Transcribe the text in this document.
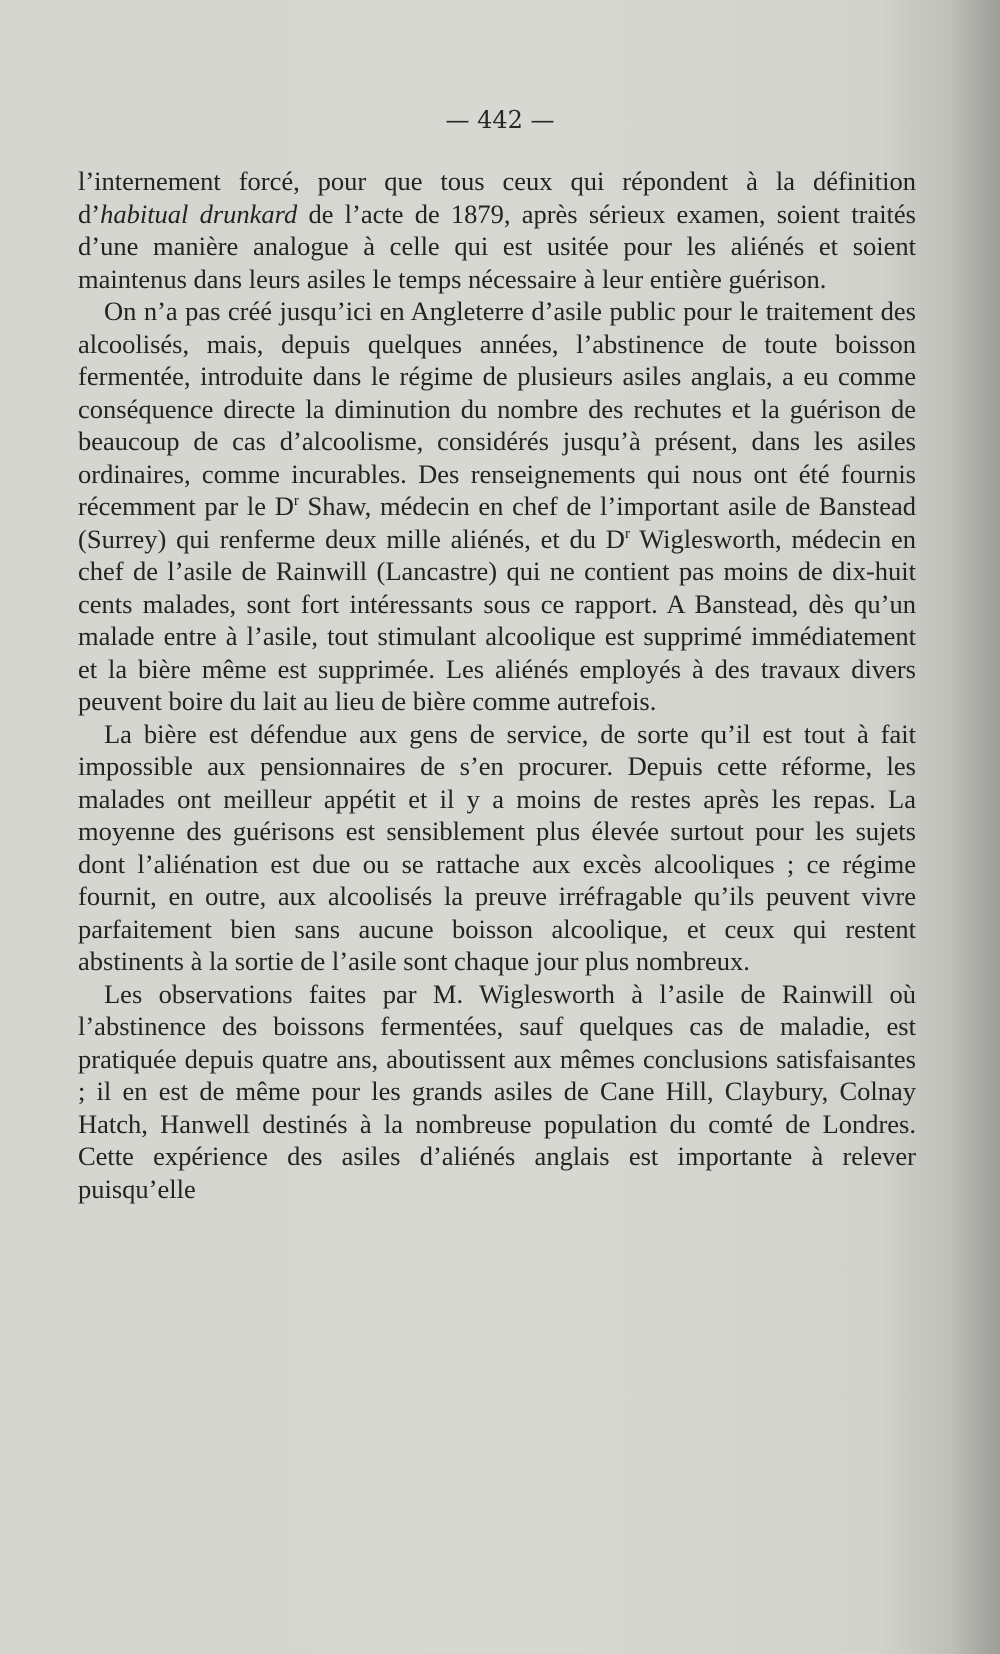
— 442 —

l’internement forcé, pour que tous ceux qui répondent à la définition d’habitual drunkard de l’acte de 1879, après sérieux examen, soient traités d’une manière analogue à celle qui est usitée pour les aliénés et soient maintenus dans leurs asiles le temps nécessaire à leur entière guérison.

On n’a pas créé jusqu’ici en Angleterre d’asile public pour le traitement des alcoolisés, mais, depuis quelques années, l’abstinence de toute boisson fermentée, introduite dans le régime de plusieurs asiles anglais, a eu comme conséquence directe la diminution du nombre des rechutes et la guérison de beaucoup de cas d’alcoolisme, considérés jusqu’à présent, dans les asiles ordinaires, comme incurables. Des renseignements qui nous ont été fournis récemment par le $D^r$ Shaw, médecin en chef de l’important asile de Banstead (Surrey) qui renferme deux mille aliénés, et du $D^r$ Wiglesworth, médecin en chef de l’asile de Rainwill (Lancastre) qui ne contient pas moins de dix-huit cents malades, sont fort intéressants sous ce rapport. A Banstead, dès qu’un malade entre à l’asile, tout stimulant alcoolique est supprimé immédiatement et la bière même est supprimée. Les aliénés employés à des travaux divers peuvent boire du lait au lieu de bière comme autrefois.

La bière est défendue aux gens de service, de sorte qu’il est tout à fait impossible aux pensionnaires de s’en procurer. Depuis cette réforme, les malades ont meilleur appétit et il y a moins de restes après les repas. La moyenne des guérisons est sensiblement plus élevée surtout pour les sujets dont l’aliénation est due ou se rattache aux excès alcooliques ; ce régime fournit, en outre, aux alcoolisés la preuve irréfragable qu’ils peuvent vivre parfaitement bien sans aucune boisson alcoolique, et ceux qui restent abstinents à la sortie de l’asile sont chaque jour plus nombreux.

Les observations faites par M. Wiglesworth à l’asile de Rainwill où l’abstinence des boissons fermentées, sauf quelques cas de maladie, est pratiquée depuis quatre ans, aboutissent aux mêmes conclusions satisfaisantes ; il en est de même pour les grands asiles de Cane Hill, Claybury, Colnay Hatch, Hanwell destinés à la nombreuse population du comté de Londres. Cette expérience des asiles d’aliénés anglais est importante à relever puisqu’elle
